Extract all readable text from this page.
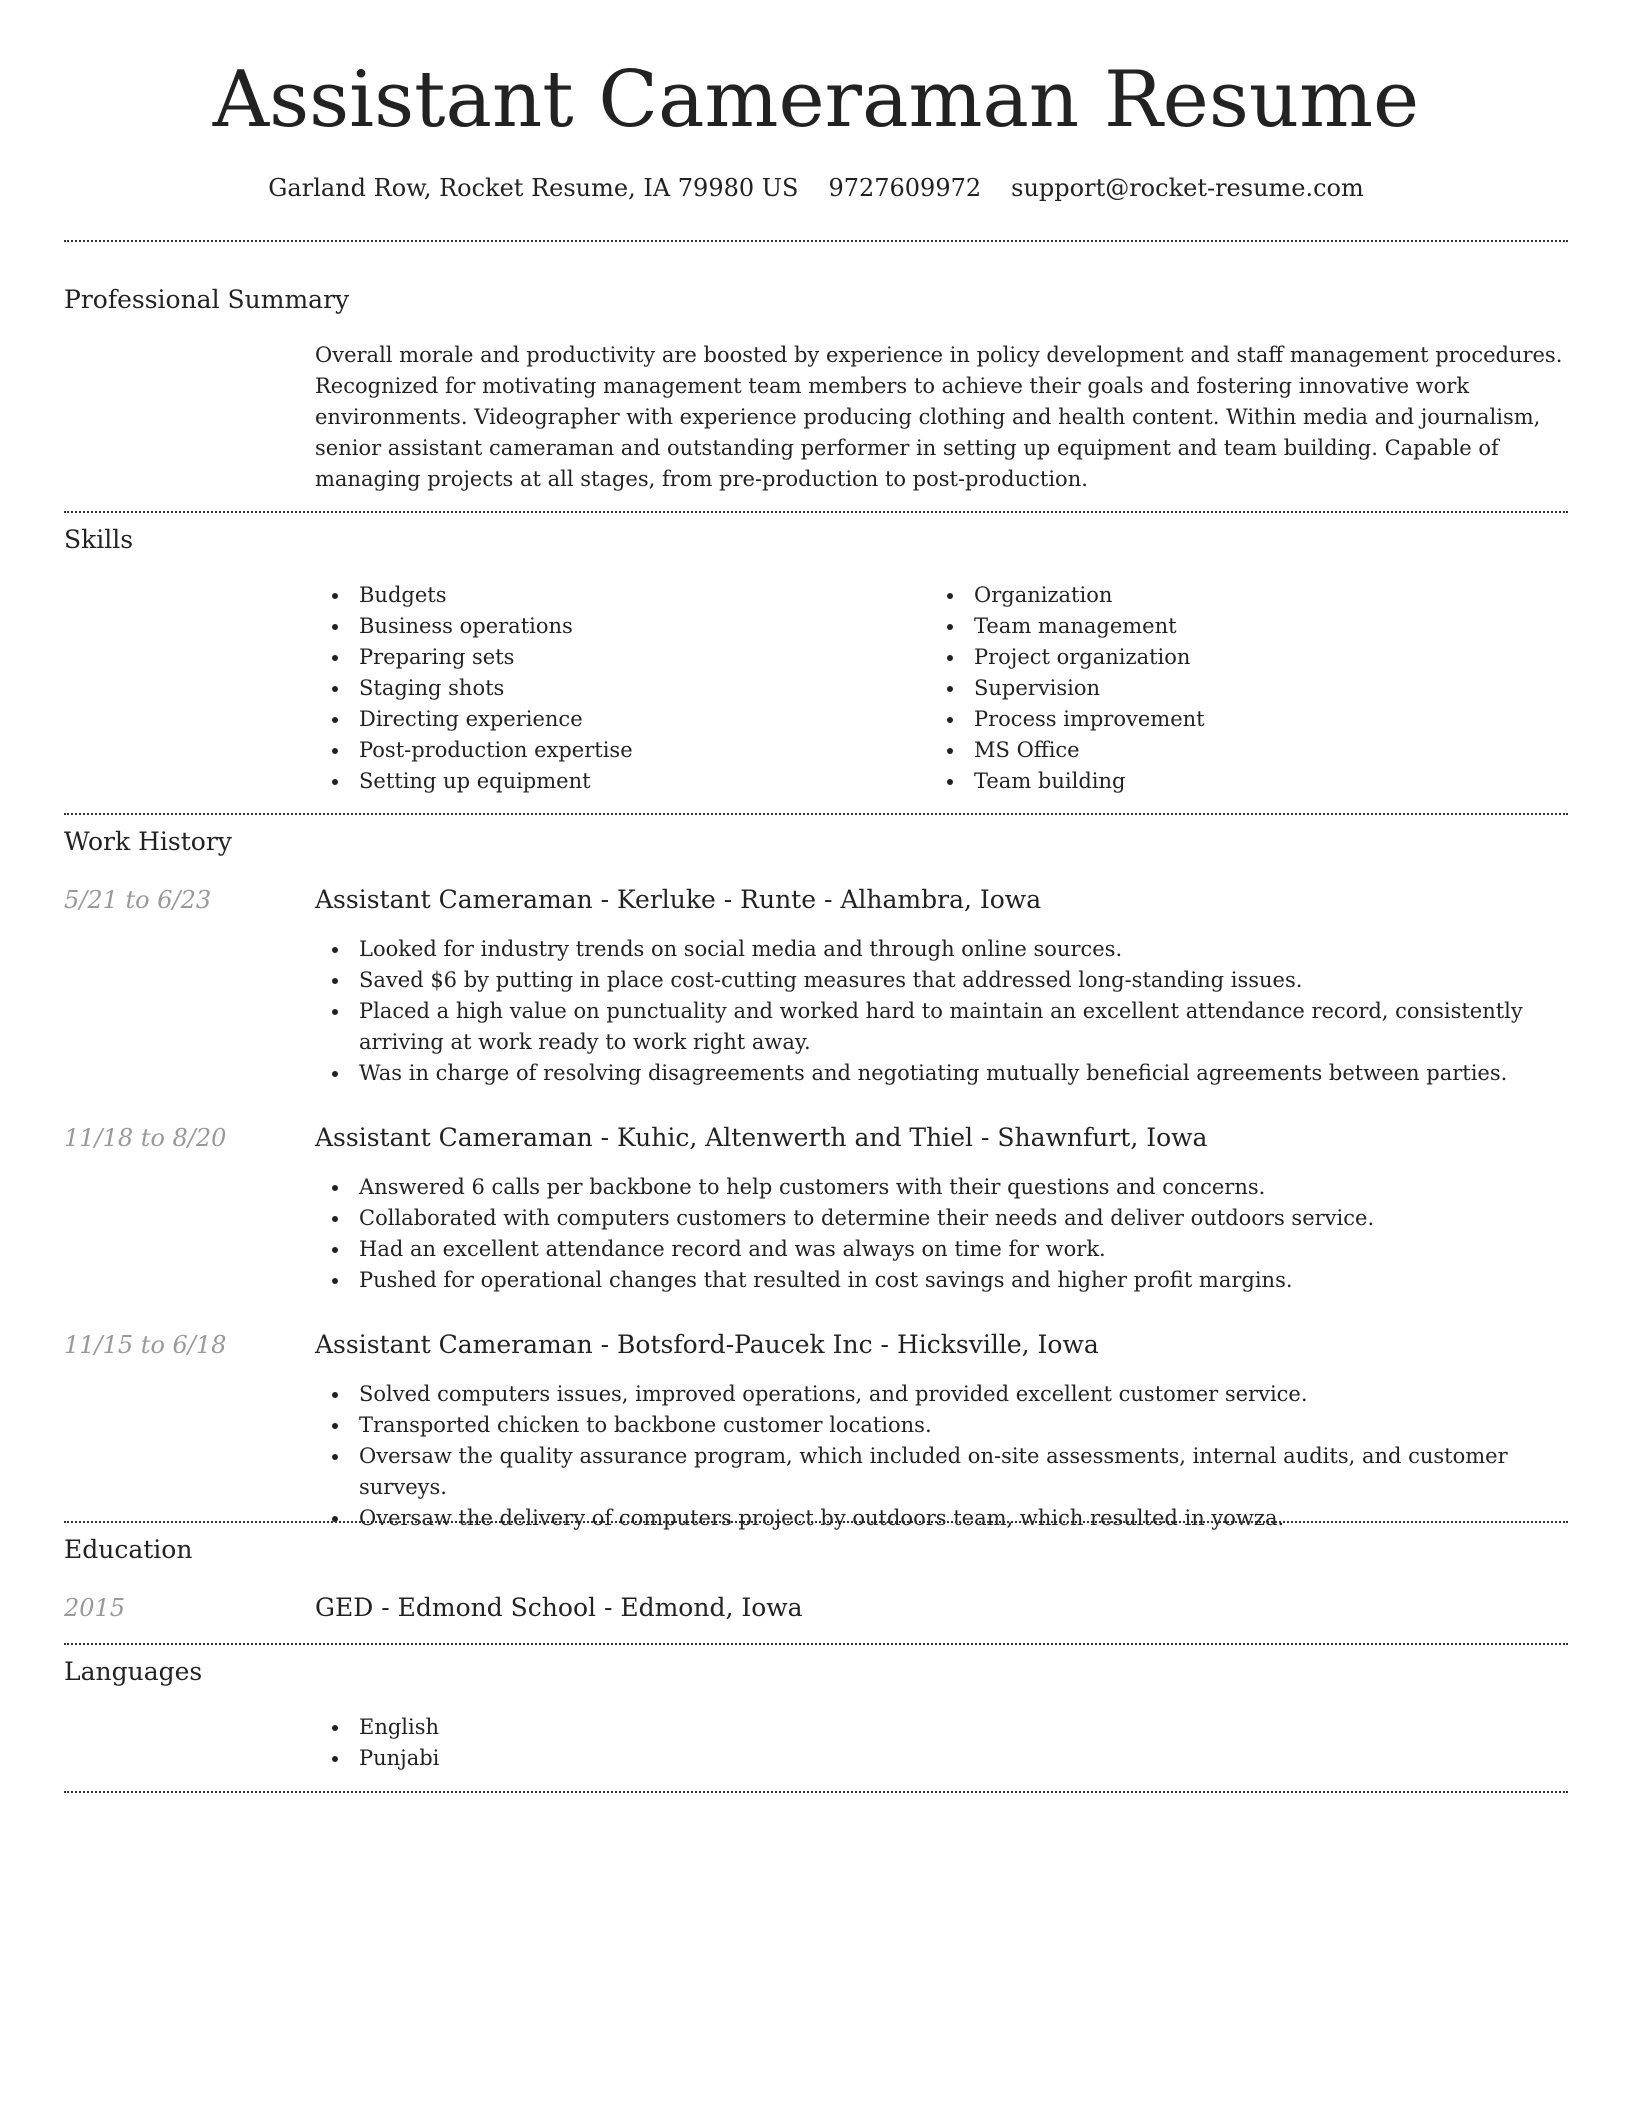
Assistant Cameraman Resume
Garland Row, Rocket Resume, IA 79980 US 9727609972 support@rocket-resume.com
Professional Summary

Overall morale and productivity are boosted by experience in policy development and staff management procedures. Recognized for motivating management team members to achieve their goals and fostering innovative work environments. Videographer with experience producing clothing and health content. Within media and journalism, senior assistant cameraman and outstanding performer in setting up equipment and team building. Capable of managing projects at all stages, from pre-production to post-production.

Skills
Budgets
Business operations
Preparing sets
Staging shots
Directing experience
Post-production expertise
Setting up equipment
Organization
Team management
Project organization
Supervision
Process improvement
MS Office
Team building
Work History
5/21 to 6/23	Assistant Cameraman - Kerluke - Runte - Alhambra, Iowa
Looked for industry trends on social media and through online sources.
Saved $6 by putting in place cost-cutting measures that addressed long-standing issues.
Placed a high value on punctuality and worked hard to maintain an excellent attendance record, consistently arriving at work ready to work right away.
Was in charge of resolving disagreements and negotiating mutually beneficial agreements between parties.
11/18 to 8/20	Assistant Cameraman - Kuhic, Altenwerth and Thiel - Shawnfurt, Iowa
Answered 6 calls per backbone to help customers with their questions and concerns.
Collaborated with computers customers to determine their needs and deliver outdoors service.
Had an excellent attendance record and was always on time for work.
Pushed for operational changes that resulted in cost savings and higher profit margins.
11/15 to 6/18	Assistant Cameraman - Botsford-Paucek Inc - Hicksville, Iowa
Solved computers issues, improved operations, and provided excellent customer service.
Transported chicken to backbone customer locations.
Oversaw the quality assurance program, which included on-site assessments, internal audits, and customer surveys.
Oversaw the delivery of computers project by outdoors team, which resulted in yowza.
Education
2015	GED - Edmond School - Edmond, Iowa
Languages
English
Punjabi
